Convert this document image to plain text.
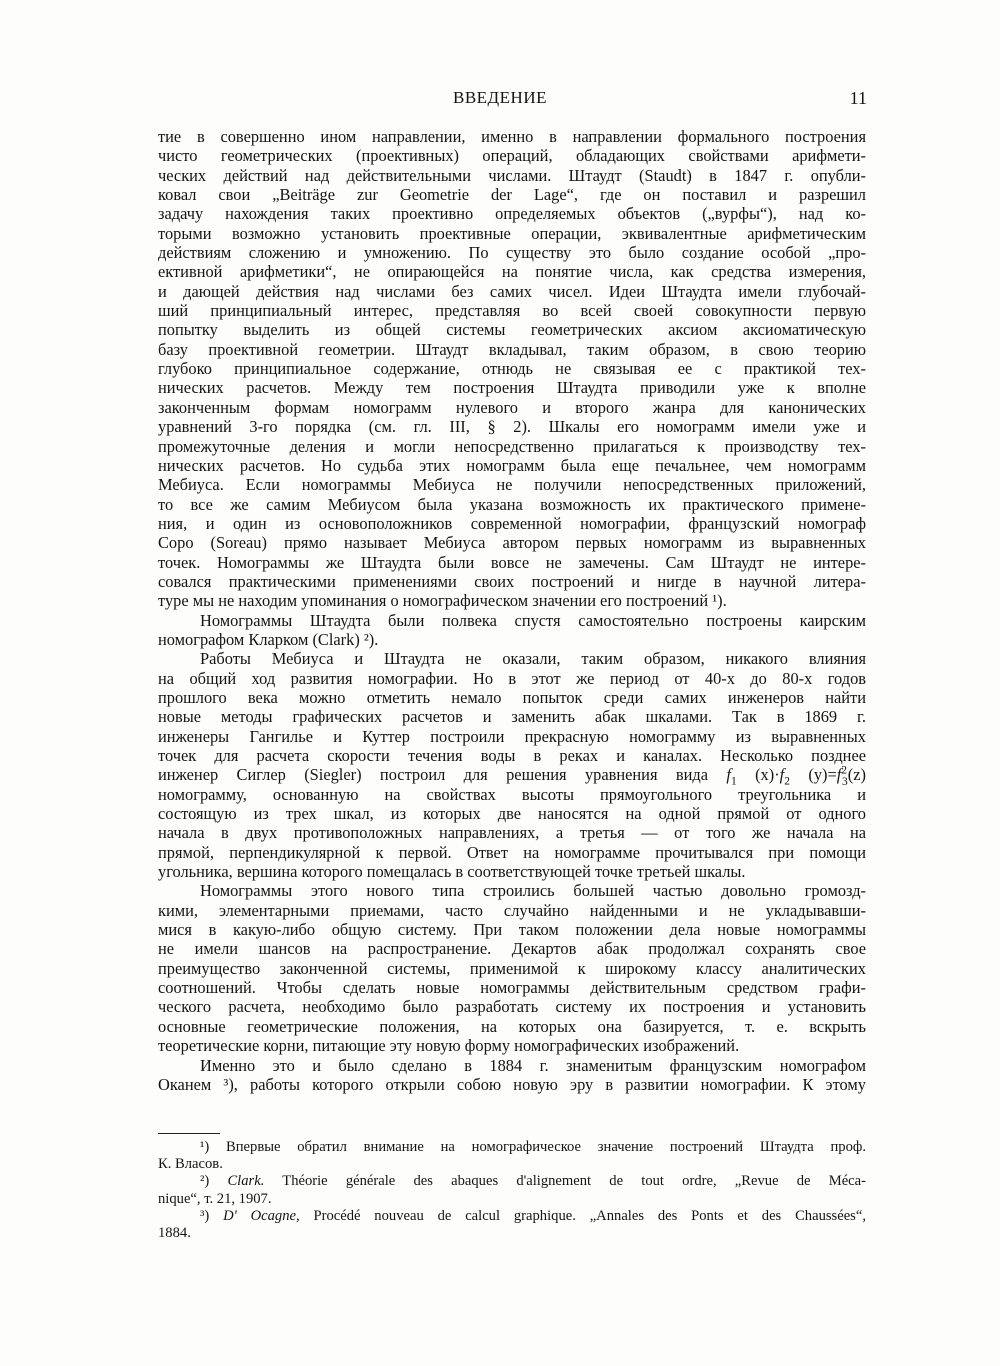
ВВЕДЕНИЕ	11
тие в совершенно ином направлении, именно в направлении формального построения
чисто геометрических (проективных) операций, обладающих свойствами арифмети-
ческих действий над действительными числами. Штаудт (Staudt) в 1847 г. опубли-
ковал свои „Beiträge zur Geometrie der Lage“, где он поставил и разрешил
задачу нахождения таких проективно определяемых объектов („вурфы“), над ко-
торыми возможно установить проективные операции, эквивалентные арифметическим
действиям сложению и умножению. По существу это было создание особой „про-
ективной арифметики“, не опирающейся на понятие числа, как средства измерения,
и дающей действия над числами без самих чисел. Идеи Штаудта имели глубочай-
ший принципиальный интерес, представляя во всей своей совокупности первую
попытку выделить из общей системы геометрических аксиом аксиоматическую
базу проективной геометрии. Штаудт вкладывал, таким образом, в свою теорию
глубоко принципиальное содержание, отнюдь не связывая ее с практикой тех-
нических расчетов. Между тем построения Штаудта приводили уже к вполне
законченным формам номограмм нулевого и второго жанра для канонических
уравнений 3-го порядка (см. гл. III, § 2). Шкалы его номограмм имели уже и
промежуточные деления и могли непосредственно прилагаться к производству тех-
нических расчетов. Но судьба этих номограмм была еще печальнее, чем номограмм
Мебиуса. Если номограммы Мебиуса не получили непосредственных приложений,
то все же самим Мебиусом была указана возможность их практического примене-
ния, и один из основоположников современной номографии, французский номограф
Coро (Soreau) прямо называет Мебиуса автором первых номограмм из выравненных
точек. Номограммы же Штаудта были вовсе не замечены. Сам Штаудт не интере-
совался практическими применениями своих построений и нигде в научной литера-
туре мы не находим упоминания о номографическом значении его построений ¹).
Номограммы Штаудта были полвека спустя самостоятельно построены каирским
номографом Кларком (Clark) ²).
Работы Мебиуса и Штаудта не оказали, таким образом, никакого влияния
на общий ход развития номографии. Но в этот же период от 40-х до 80-х годов
прошлого века можно отметить немало попыток среди самих инженеров найти
новые методы графических расчетов и заменить абак шкалами. Так в 1869 г.
инженеры Гангилье и Куттер построили прекрасную номограмму из выравненных
точек для расчета скорости течения воды в реках и каналах. Несколько позднее
инженер Сиглер (Siegler) построил для решения уравнения вида $f_1$ $(x)\cdot f_2$ $(y)=f^2_3(z)$
номограмму, основанную на свойствах высоты прямоугольного треугольника и
состоящую из трех шкал, из которых две наносятся на одной прямой от одного
начала в двух противоположных направлениях, а третья — от того же начала на
прямой, перпендикулярной к первой. Ответ на номограмме прочитывался при помощи
угольника, вершина которого помещалась в соответствующей точке третьей шкалы.
Номограммы этого нового типа строились большей частью довольно громозд-
кими, элементарными приемами, часто случайно найденными и не укладывавши-
мися в какую-либо общую систему. При таком положении дела новые номограммы
не имели шансов на распространение. Декартов абак продолжал сохранять свое
преимущество законченной системы, применимой к широкому классу аналитических
соотношений. Чтобы сделать новые номограммы действительным средством графи-
ческого расчета, необходимо было разработать систему их построения и установить
основные геометрические положения, на которых она базируется, т. е. вскрыть
теоретические корни, питающие эту новую форму номографических изображений.
Именно это и было сделано в 1884 г. знаменитым французским номографом
Оканем ³), работы которого открыли собою новую эру в развитии номографии. К этому
¹) Впервые обратил внимание на номографическое значение построений Штаудта проф.
К. Власов.
²) Clark. Théorie générale des abaques d'alignement de tout ordre, „Revue de Méca-
nique“, т. 21, 1907.
³) D' Ocagne, Procédé nouveau de calcul graphique. „Annales des Ponts et des Chaussées“,
1884.
